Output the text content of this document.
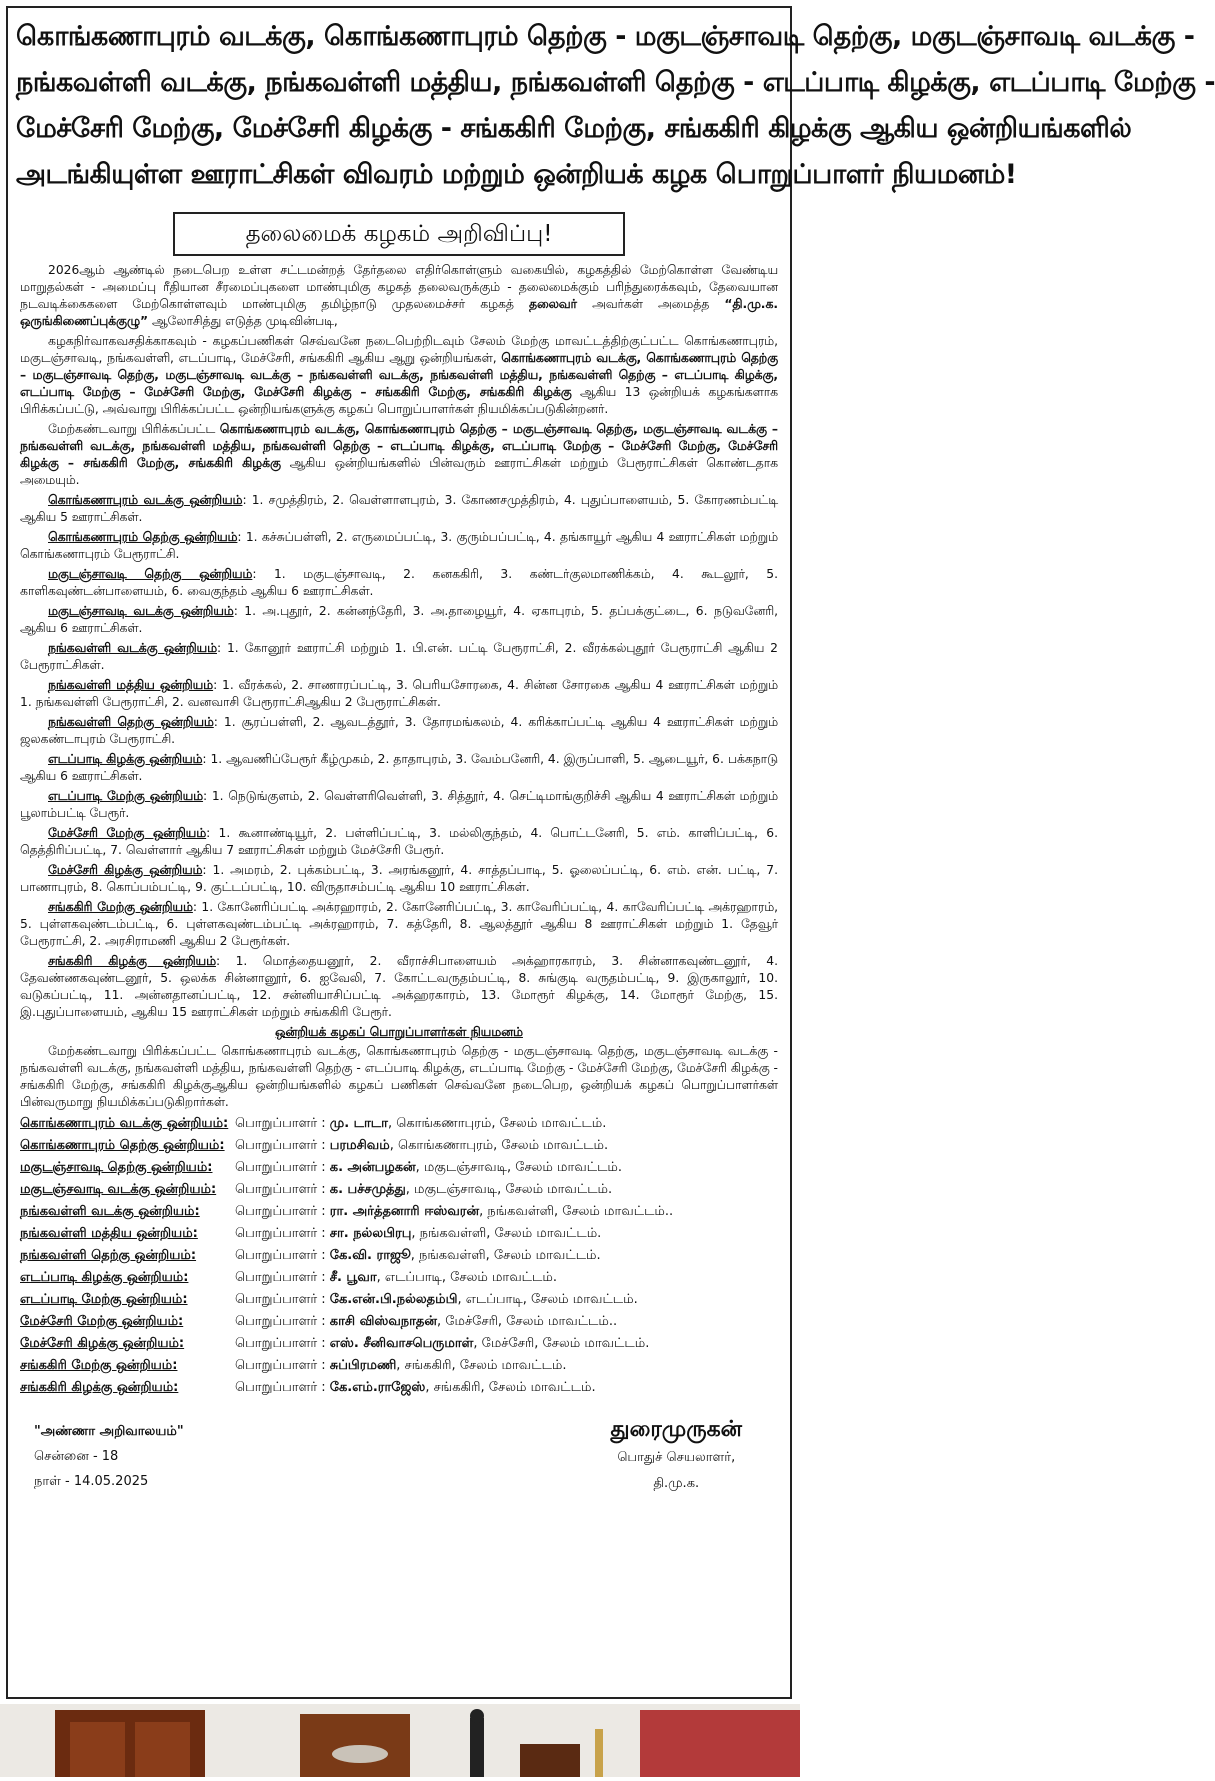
கொங்கணாபுரம் வடக்கு, கொங்கணாபுரம் தெற்கு - மகுடஞ்சாவடி தெற்கு, மகுடஞ்சாவடி வடக்கு -
நங்கவள்ளி வடக்கு, நங்கவள்ளி மத்திய, நங்கவள்ளி தெற்கு - எடப்பாடி கிழக்கு, எடப்பாடி மேற்கு -
மேச்சேரி மேற்கு, மேச்சேரி கிழக்கு - சங்ககிரி மேற்கு, சங்ககிரி கிழக்கு ஆகிய ஒன்றியங்களில்
அடங்கியுள்ள ஊராட்சிகள் விவரம் மற்றும் ஒன்றியக் கழக பொறுப்பாளர் நியமனம்!
தலைமைக் கழகம் அறிவிப்பு!

2026ஆம் ஆண்டில் நடைபெற உள்ள சட்டமன்றத் தேர்தலை எதிர்கொள்ளும் வகையில், கழகத்தில் மேற்கொள்ள வேண்டிய மாறுதல்கள் - அமைப்பு ரீதியான சீரமைப்புகளை மாண்புமிகு கழகத் தலைவருக்கும் - தலைமைக்கும் பரிந்துரைக்கவும், தேவையான நடவடிக்கைகளை மேற்கொள்ளவும் மாண்புமிகு தமிழ்நாடு முதலமைச்சர் கழகத் தலைவர் அவர்கள் அமைத்த “தி.மு.க. ஒருங்கிணைப்புக்குழு” ஆலோசித்து எடுத்த முடிவின்படி,

கழகநிர்வாகவசதிக்காகவும் - கழகப்பணிகள் செவ்வனே நடைபெற்றிடவும் சேலம் மேற்கு மாவட்டத்திற்குட்பட்ட கொங்கணாபுரம், மகுடஞ்சாவடி, நங்கவள்ளி, எடப்பாடி, மேச்சேரி, சங்ககிரி ஆகிய ஆறு ஒன்றியங்கள், கொங்கணாபுரம் வடக்கு, கொங்கணாபுரம் தெற்கு – மகுடஞ்சாவடி தெற்கு, மகுடஞ்சாவடி வடக்கு – நங்கவள்ளி வடக்கு, நங்கவள்ளி மத்திய, நங்கவள்ளி தெற்கு – எடப்பாடி கிழக்கு, எடப்பாடி மேற்கு – மேச்சேரி மேற்கு, மேச்சேரி கிழக்கு – சங்ககிரி மேற்கு, சங்ககிரி கிழக்கு ஆகிய 13 ஒன்றியக் கழகங்களாக பிரிக்கப்பட்டு, அவ்வாறு பிரிக்கப்பட்ட ஒன்றியங்களுக்கு கழகப் பொறுப்பாளர்கள் நியமிக்கப்படுகின்றனர்.

மேற்கண்டவாறு பிரிக்கப்பட்ட கொங்கணாபுரம் வடக்கு, கொங்கணாபுரம் தெற்கு – மகுடஞ்சாவடி தெற்கு, மகுடஞ்சாவடி வடக்கு – நங்கவள்ளி வடக்கு, நங்கவள்ளி மத்திய, நங்கவள்ளி தெற்கு – எடப்பாடி கிழக்கு, எடப்பாடி மேற்கு – மேச்சேரி மேற்கு, மேச்சேரி கிழக்கு – சங்ககிரி மேற்கு, சங்ககிரி கிழக்கு ஆகிய ஒன்றியங்களில் பின்வரும் ஊராட்சிகள் மற்றும் பேரூராட்சிகள் கொண்டதாக அமையும்.

கொங்கணாபுரம் வடக்கு ஒன்றியம்: 1. சமுத்திரம், 2. வெள்ளாளபுரம், 3. கோணசமுத்திரம், 4. புதுப்பாளையம், 5. கோரணம்பட்டி ஆகிய 5 ஊராட்சிகள்.

கொங்கணாபுரம் தெற்கு ஒன்றியம்: 1. கச்சுப்பள்ளி, 2. எருமைப்பட்டி, 3. குரும்பப்பட்டி, 4. தங்காயூர் ஆகிய 4 ஊராட்சிகள் மற்றும் கொங்கணாபுரம் பேரூராட்சி.

மகுடஞ்சாவடி தெற்கு ஒன்றியம்: 1. மகுடஞ்சாவடி, 2. கனககிரி, 3. கண்டர்குலமாணிக்கம், 4. கூடலூர், 5. காளிகவுண்டன்பாளையம், 6. வைகுந்தம் ஆகிய 6 ஊராட்சிகள்.

மகுடஞ்சாவடி வடக்கு ஒன்றியம்: 1. அ.புதூர், 2. கன்னந்தேரி, 3. அ.தாழையூர், 4. ஏகாபுரம், 5. தப்பக்குட்டை, 6. நடுவனேரி, ஆகிய 6 ஊராட்சிகள்.

நங்கவள்ளி வடக்கு ஒன்றியம்: 1. கோனூர் ஊராட்சி மற்றும் 1. பி.என். பட்டி பேரூராட்சி, 2. வீரக்கல்புதூர் பேரூராட்சி ஆகிய 2 பேரூராட்சிகள்.

நங்கவள்ளி மத்திய ஒன்றியம்: 1. வீரக்கல், 2. சாணாரப்பட்டி, 3. பெரியசோரகை, 4. சின்ன சோரகை ஆகிய 4 ஊராட்சிகள் மற்றும் 1. நங்கவள்ளி பேரூராட்சி, 2. வனவாசி பேரூராட்சிஆகிய 2 பேரூராட்சிகள்.

நங்கவள்ளி தெற்கு ஒன்றியம்: 1. சூரப்பள்ளி, 2. ஆவடத்தூர், 3. தோரமங்கலம், 4. கரிக்காப்பட்டி ஆகிய 4 ஊராட்சிகள் மற்றும் ஜலகண்டாபுரம் பேரூராட்சி.

எடப்பாடி கிழக்கு ஒன்றியம்: 1. ஆவணிப்பேரூர் கீழ்முகம், 2. தாதாபுரம், 3. வேம்பனேரி, 4. இருப்பாளி, 5. ஆடையூர், 6. பக்கநாடு ஆகிய 6 ஊராட்சிகள்.

எடப்பாடி மேற்கு ஒன்றியம்: 1. நெடுங்குளம், 2. வெள்ளரிவெள்ளி, 3. சித்தூர், 4. செட்டிமாங்குறிச்சி ஆகிய 4 ஊராட்சிகள் மற்றும் பூலாம்பட்டி பேரூர்.

மேச்சேரி மேற்கு ஒன்றியம்: 1. கூனாண்டியூர், 2. பள்ளிப்பட்டி, 3. மல்லிகுந்தம், 4. பொட்டனேரி, 5. எம். காளிப்பட்டி, 6. தெத்திரிப்பட்டி, 7. வெள்ளார் ஆகிய 7 ஊராட்சிகள் மற்றும் மேச்சேரி பேரூர்.

மேச்சேரி கிழக்கு ஒன்றியம்: 1. அமரம், 2. புக்கம்பட்டி, 3. அரங்கனூர், 4. சாத்தப்பாடி, 5. ஓலைப்பட்டி, 6. எம். என். பட்டி, 7. பாணாபுரம், 8. கொப்பம்பட்டி, 9. குட்டப்பட்டி, 10. விருதாசம்பட்டி ஆகிய 10 ஊராட்சிகள்.

சங்ககிரி மேற்கு ஒன்றியம்: 1. கோனேரிப்பட்டி அக்ரஹாரம், 2. கோனேரிப்பட்டி, 3. காவேரிப்பட்டி, 4. காவேரிப்பட்டி அக்ரஹாரம், 5. புள்ளகவுண்டம்பட்டி, 6. புள்ளகவுண்டம்பட்டி அக்ரஹாரம், 7. கத்தேரி, 8. ஆலத்தூர் ஆகிய 8 ஊராட்சிகள் மற்றும் 1. தேவூர் பேரூராட்சி, 2. அரசிராமணி ஆகிய 2 பேரூர்கள்.

சங்ககிரி கிழக்கு ஒன்றியம்: 1. மொத்தையனூர், 2. வீராச்சிபாளையம் அக்ஹாரகாரம், 3. சின்னாகவுண்டனூர், 4. தேவண்ணகவுண்டனூர், 5. ஒலக்க சின்னானூர், 6. ஐவேலி, 7. கோட்டவருதம்பட்டி, 8. சுங்குடி வருதம்பட்டி, 9. இருகாலூர், 10. வடுகப்பட்டி, 11. அன்னதானப்பட்டி, 12. சன்னியாசிப்பட்டி அக்ஹரகாரம், 13. மோரூர் கிழக்கு, 14. மோரூர் மேற்கு, 15. இ.புதுப்பாளையம், ஆகிய 15 ஊராட்சிகள் மற்றும் சங்ககிரி பேரூர்.

ஒன்றியக் கழகப் பொறுப்பாளர்கள் நியமனம்

மேற்கண்டவாறு பிரிக்கப்பட்ட கொங்கணாபுரம் வடக்கு, கொங்கணாபுரம் தெற்கு - மகுடஞ்சாவடி தெற்கு, மகுடஞ்சாவடி வடக்கு - நங்கவள்ளி வடக்கு, நங்கவள்ளி மத்திய, நங்கவள்ளி தெற்கு - எடப்பாடி கிழக்கு, எடப்பாடி மேற்கு - மேச்சேரி மேற்கு, மேச்சேரி கிழக்கு - சங்ககிரி மேற்கு, சங்ககிரி கிழக்குஆகிய ஒன்றியங்களில் கழகப் பணிகள் செவ்வனே நடைபெற, ஒன்றியக் கழகப் பொறுப்பாளர்கள் பின்வருமாறு நியமிக்கப்படுகிறார்கள்.

கொங்கணாபுரம் வடக்கு ஒன்றியம்: பொறுப்பாளர் : மு. டாடா, கொங்கணாபுரம், சேலம் மாவட்டம்.

கொங்கணாபுரம் தெற்கு ஒன்றியம்: பொறுப்பாளர் : பரமசிவம், கொங்கணாபுரம், சேலம் மாவட்டம்.

மகுடஞ்சாவடி தெற்கு ஒன்றியம்: பொறுப்பாளர் : க. அன்பழகன், மகுடஞ்சாவடி, சேலம் மாவட்டம்.

மகுடஞ்சவாடி வடக்கு ஒன்றியம்: பொறுப்பாளர் : க. பச்சமுத்து, மகுடஞ்சாவடி, சேலம் மாவட்டம்.

நங்கவள்ளி வடக்கு ஒன்றியம்:	பொறுப்பாளர் : ரா. அர்த்தனாரி ஈஸ்வரன், நங்கவள்ளி, சேலம் மாவட்டம்..

நங்கவள்ளி மத்திய ஒன்றியம்:	பொறுப்பாளர் : சா. நல்லபிரபு, நங்கவள்ளி, சேலம் மாவட்டம்.

நங்கவள்ளி தெற்கு ஒன்றியம்:	பொறுப்பாளர் : கே.வி. ராஜூ, நங்கவள்ளி, சேலம் மாவட்டம்.

எடப்பாடி கிழக்கு ஒன்றியம்:	பொறுப்பாளர் : சீ. பூவா, எடப்பாடி, சேலம் மாவட்டம்.

எடப்பாடி மேற்கு ஒன்றியம்:	பொறுப்பாளர் : கே.என்.பி.நல்லதம்பி, எடப்பாடி, சேலம் மாவட்டம்.

மேச்சேரி மேற்கு ஒன்றியம்:	பொறுப்பாளர் : காசி விஸ்வநாதன், மேச்சேரி, சேலம் மாவட்டம்..

மேச்சேரி கிழக்கு ஒன்றியம்:	பொறுப்பாளர் : எஸ். சீனிவாசபெருமாள், மேச்சேரி, சேலம் மாவட்டம்.

சங்ககிரி மேற்கு ஒன்றியம்:	பொறுப்பாளர் : சுப்பிரமணி, சங்ககிரி, சேலம் மாவட்டம்.

சங்ககிரி கிழக்கு ஒன்றியம்:	பொறுப்பாளர் : கே.எம்.ராஜேஸ், சங்ககிரி, சேலம் மாவட்டம்.

"அண்ணா அறிவாலயம்"
சென்னை - 18
நாள் - 14.05.2025
துரைமுருகன்
பொதுச் செயலாளர்,
தி.மு.க.
